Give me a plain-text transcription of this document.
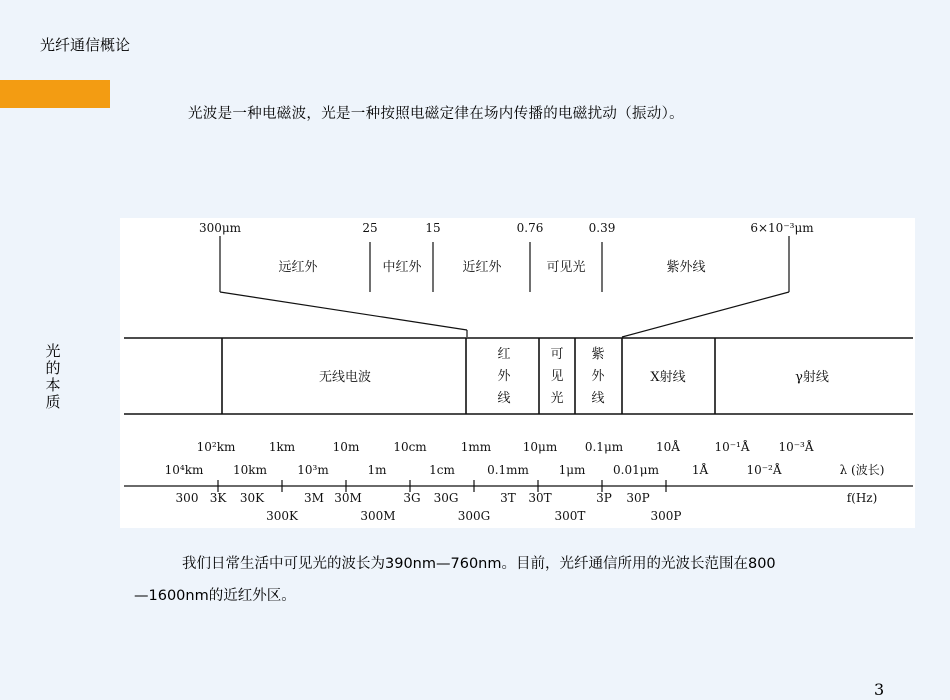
光纤通信概论
光波是一种电磁波，光是一种按照电磁定律在场内传播的电磁扰动（振动）。
光
的
本
质
300μm	25	15	0.76	0.39	6×10⁻³μm
远红外	中红外	近红外	可见光	紫外线
无线电波
红
外
线
可
见
光
紫
外
线
X射线	γ射线
10²km	1km	10m	10cm	1mm	10μm 0.1μm	10Å	10⁻¹Å 10⁻³Å
10⁴km 10km	10³m	1m	1cm	0.1mm 1μm 0.01μm	1Å	10⁻²Å	λ (波长)
300 3K 30K	3M 30M	3G 30G	3T 30T	3P 30P	f(Hz)
300K	300M	300G	300T	300P
我们日常生活中可见光的波长为390nm—760nm。目前，光纤通信所用的光波长范围在800
—1600nm的近红外区。
3
